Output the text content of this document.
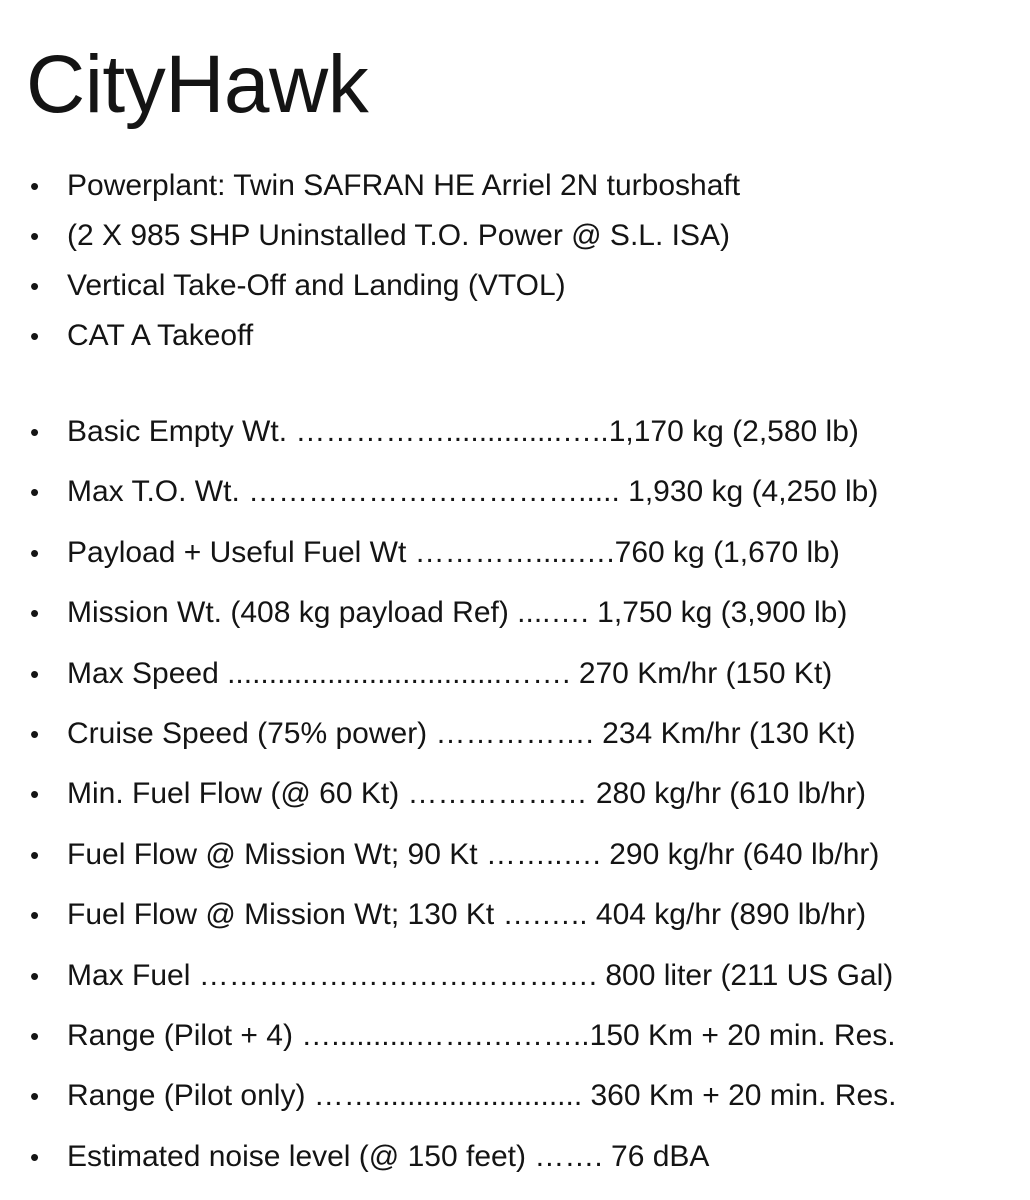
CityHawk
• Powerplant: Twin SAFRAN HE Arriel 2N turboshaft
• (2 X 985 SHP Uninstalled T.O. Power @ S.L. ISA)
• Vertical Take-Off and Landing (VTOL)
• CAT A Takeoff
• Basic Empty Wt. ……………..............…..1,170 kg (2,580 lb)
• Max T.O. Wt. ……………………………..... 1,930 kg (4,250 lb)
• Payload + Useful Fuel Wt ………….....….760 kg (1,670 lb)
• Mission Wt. (408 kg payload Ref) ....…. 1,750 kg (3,900 lb)
• Max Speed .................................……. 270 Km/hr (150 Kt)
• Cruise Speed (75% power) ……………. 234 Km/hr (130 Kt)
• Min. Fuel Flow (@ 60 Kt) ……………… 280 kg/hr (610 lb/hr)
• Fuel Flow @ Mission Wt; 90 Kt ……..…. 290 kg/hr (640 lb/hr)
• Fuel Flow @ Mission Wt; 130 Kt ….….. 404 kg/hr (890 lb/hr)
• Max Fuel …………………………………. 800 liter (211 US Gal)
• Range (Pilot + 4) …..........…….………..150 Km + 20 min. Res.
• Range (Pilot only) ……......................... 360 Km + 20 min. Res.
• Estimated noise level (@ 150 feet) ……. 76 dBA
